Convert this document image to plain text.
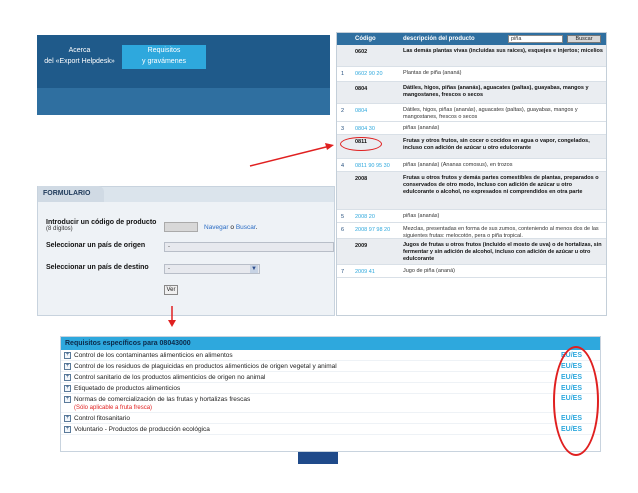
Acerca
del «Export Helpdesk»
Requisitos
y gravámenes
FORMULARIO
Introducir un código de producto
(8 dígitos)	Navegar o Buscar.
Seleccionar un país de origen	-
Seleccionar un país de destino	-	▼
Ver
Código	descripción del producto	piña	Buscar
0602	Las demás plantas vivas (incluidas sus raíces), esquejes e injertos; micelios
1 0602 90 20	Plantas de piña (ananá)
0804	Dátiles, higos, piñas (ananás), aguacates (paltas), guayabas, mangos y mangostanes, frescos o secos
2 0804	Dátiles, higos, piñas (ananás), aguacates (paltas), guayabas, mangos y mangostanes, frescos o secos
3 0804 30	piñas (ananás)
0811	Frutas y otros frutos, sin cocer o cocidos en agua o vapor, congelados, incluso con adición de azúcar u otro edulcorante
4 0811 90 95 30 piñas (ananás) (Ananas comosus), en trozos
2008	Frutas u otros frutos y demás partes comestibles de plantas, preparados o conservados de otro modo, incluso con adición de azúcar u otro edulcorante o alcohol, no expresados ni comprendidos en otra parte
5 2008 20	piñas (ananás)
6 2008 97 98 20 Mezclas, presentadas en forma de sus zumos, conteniendo al menos dos de las siguientes frutas: melocotón, pera o piña tropical.
2009	Jugos de frutas u otros frutos (incluido el mosto de uva) o de hortalizas, sin fermentar y sin adición de alcohol, incluso con adición de azúcar u otro edulcorante
7 2009 41	Jugo de piña (ananá)
Requisitos específicos para 08043000
+ Control de los contaminantes alimenticios en alimentos	EU/ES
+ Control de los residuos de plaguicidas en productos alimenticios de origen vegetal y animal	EU/ES
+ Control sanitario de los productos alimenticios de origen no animal	EU/ES
+ Etiquetado de productos alimenticios	EU/ES
+ Normas de comercialización de las frutas y hortalizas frescas
(Sólo aplicable a fruta fresca)
EU/ES
+ Control fitosanitario	EU/ES
+ Voluntario - Productos de producción ecológica	EU/ES
